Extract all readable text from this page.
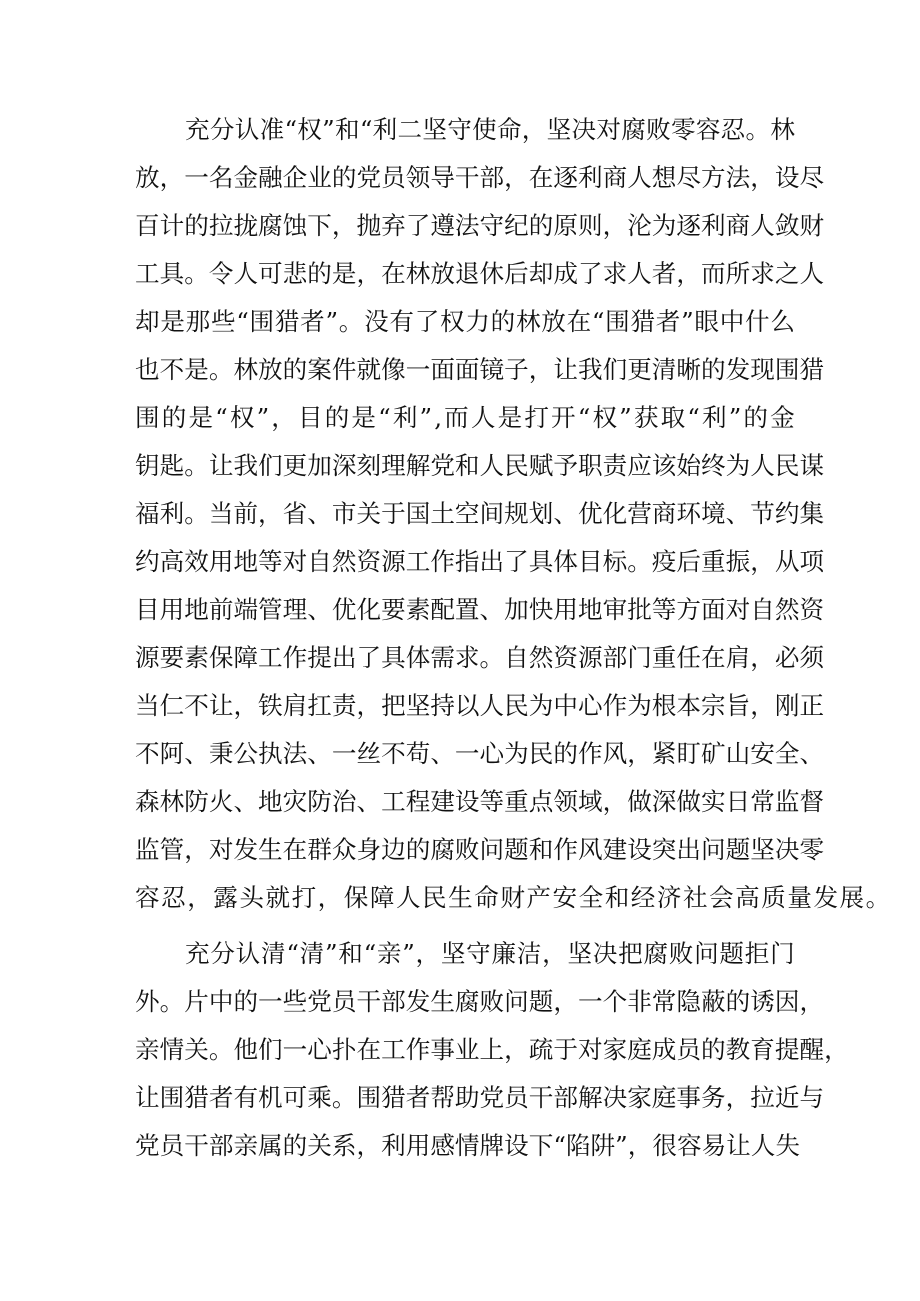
充 分 认 准 “ 权 ” 和 “ 利 二 坚 守 使 命 ， 坚 决 对 腐 败 零 容 忍 。 林
放 ， 一 名 金 融 企 业 的 党 员 领 导 干 部 ， 在 逐 利 商 人 想 尽 方 法 ， 设 尽
百 计 的 拉 拢 腐 蚀 下 ， 抛 弃 了 遵 法 守 纪 的 原 则 ， 沦 为 逐 利 商 人 敛 财
工 具 。 令 人 可 悲 的 是 ， 在 林 放 退 休 后 却 成 了 求 人 者 ， 而 所 求 之 人
却 是 那 些 “ 围 猎 者 ” 。 没 有 了 权 力 的 林 放 在 “ 围 猎 者 ” 眼 中 什 么
也 不 是 。 林 放 的 案 件 就 像 一 面 面 镜 子 ， 让 我 们 更 清 晰 的 发 现 围 猎
围 的 是 “ 权 ” ， 目 的 是 “ 利 ” , 而 人 是 打 开 “ 权 ” 获 取 “ 利 ” 的 金
钥 匙 。 让 我 们 更 加 深 刻 理 解 党 和 人 民 赋 予 职 责 应 该 始 终 为 人 民 谋
福 利 。 当 前 ， 省 、 市 关 于 国 土 空 间 规 划 、 优 化 营 商 环 境 、 节 约 集
约 高 效 用 地 等 对 自 然 资 源 工 作 指 出 了 具 体 目 标 。 疫 后 重 振 ， 从 项
目 用 地 前 端 管 理 、 优 化 要 素 配 置 、 加 快 用 地 审 批 等 方 面 对 自 然 资
源 要 素 保 障 工 作 提 出 了 具 体 需 求 。 自 然 资 源 部 门 重 任 在 肩 ， 必 须
当 仁 不 让 ， 铁 肩 扛 责 ， 把 坚 持 以 人 民 为 中 心 作 为 根 本 宗 旨 ， 刚 正
不 阿 、 秉 公 执 法 、 一 丝 不 苟 、 一 心 为 民 的 作 风 ， 紧 盯 矿 山 安 全 、
森 林 防 火 、 地 灾 防 治 、 工 程 建 设 等 重 点 领 域 ， 做 深 做 实 日 常 监 督
监 管 ， 对 发 生 在 群 众 身 边 的 腐 败 问 题 和 作 风 建 设 突 出 问 题 坚 决 零
容忍，露头就打，保障人民生命财产安全和经济社会高质量发展。
充 分 认 清 “ 清 ” 和 “ 亲 ” ， 坚 守 廉 洁 ， 坚 决 把 腐 败 问 题 拒 门
外 。 片 中 的 一 些 党 员 干 部 发 生 腐 败 问 题 ， 一 个 非 常 隐 蔽 的 诱 因 ，
亲 情 关 。 他 们 一 心 扑 在 工 作 事 业 上 ， 疏 于 对 家 庭 成 员 的 教 育 提 醒 ，
让 围 猎 者 有 机 可 乘 。 围 猎 者 帮 助 党 员 干 部 解 决 家 庭 事 务 ， 拉 近 与
党 员 干 部 亲 属 的 关 系 ， 利 用 感 情 牌 设 下 “ 陷 阱 ” ， 很 容 易 让 人 失
